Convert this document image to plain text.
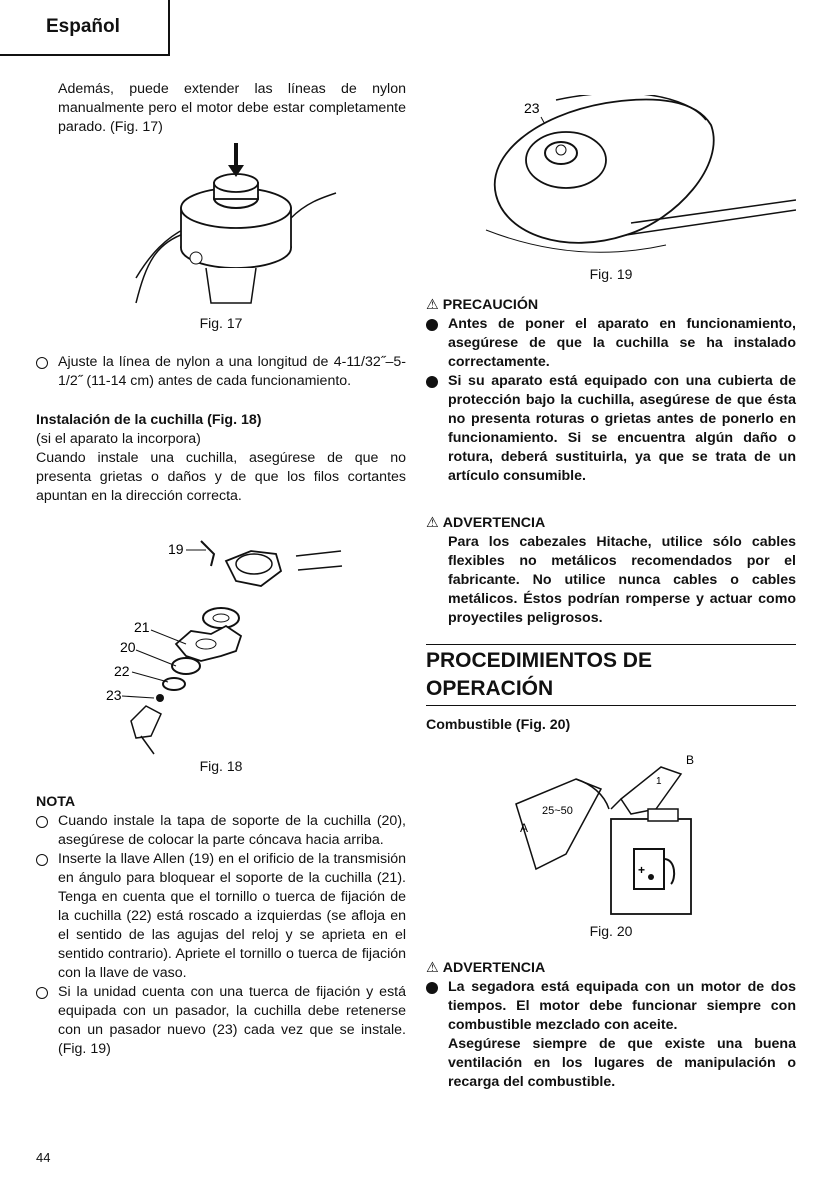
Español

Además, puede extender las líneas de nylon manualmente pero el motor debe estar completamente parado. (Fig. 17)

Fig. 17
Ajuste la línea de nylon a una longitud de 4-11/32˝–5-1/2˝ (11-14 cm) antes de cada funcionamiento.

Instalación de la cuchilla (Fig. 18)

(si el aparato la incorpora)

Cuando instale una cuchilla, asegúrese de que no presenta grietas o daños y de que los filos cortantes apuntan en la dirección correcta.

19
21
20
22
23
Fig. 18

NOTA

Cuando instale la tapa de soporte de la cuchilla (20), asegúrese de colocar la parte cóncava hacia arriba.
Inserte la llave Allen (19) en el orificio de la transmisión en ángulo para bloquear el soporte de la cuchilla (21). Tenga en cuenta que el tornillo o tuerca de fijación de la cuchilla (22) está roscado a izquierdas (se afloja en el sentido de las agujas del reloj y se aprieta en el sentido contrario). Apriete el tornillo o tuerca de fijación con la llave de vaso.
Si la unidad cuenta con una tuerca de fijación y está equipada con un pasador, la cuchilla debe retenerse con un pasador nuevo (23) cada vez que se instale. (Fig. 19)
23
Fig. 19
⚠ PRECAUCIÓN
Antes de poner el aparato en funcionamiento, asegúrese de que la cuchilla se ha instalado correctamente.
Si su aparato está equipado con una cubierta de protección bajo la cuchilla, asegúrese de que ésta no presenta roturas o grietas antes de ponerlo en funcionamiento. Si se encuentra algún daño o rotura, deberá sustituirla, ya que se trata de un artículo consumible.
⚠ ADVERTENCIA

Para los cabezales Hitache, utilice sólo cables flexibles no metálicos recomendados por el fabricante. No utilice nunca cables o cables metálicos. Éstos podrían romperse y actuar como proyectiles peligrosos.

PROCEDIMIENTOS DE
OPERACIÓN

Combustible (Fig. 20)

25~50
A
1
B
+
Fig. 20
⚠ ADVERTENCIA
La segadora está equipada con un motor de dos tiempos. El motor debe funcionar siempre con combustible mezclado con aceite.

Asegúrese siempre de que existe una buena ventilación en los lugares de manipulación o recarga del combustible.

44
